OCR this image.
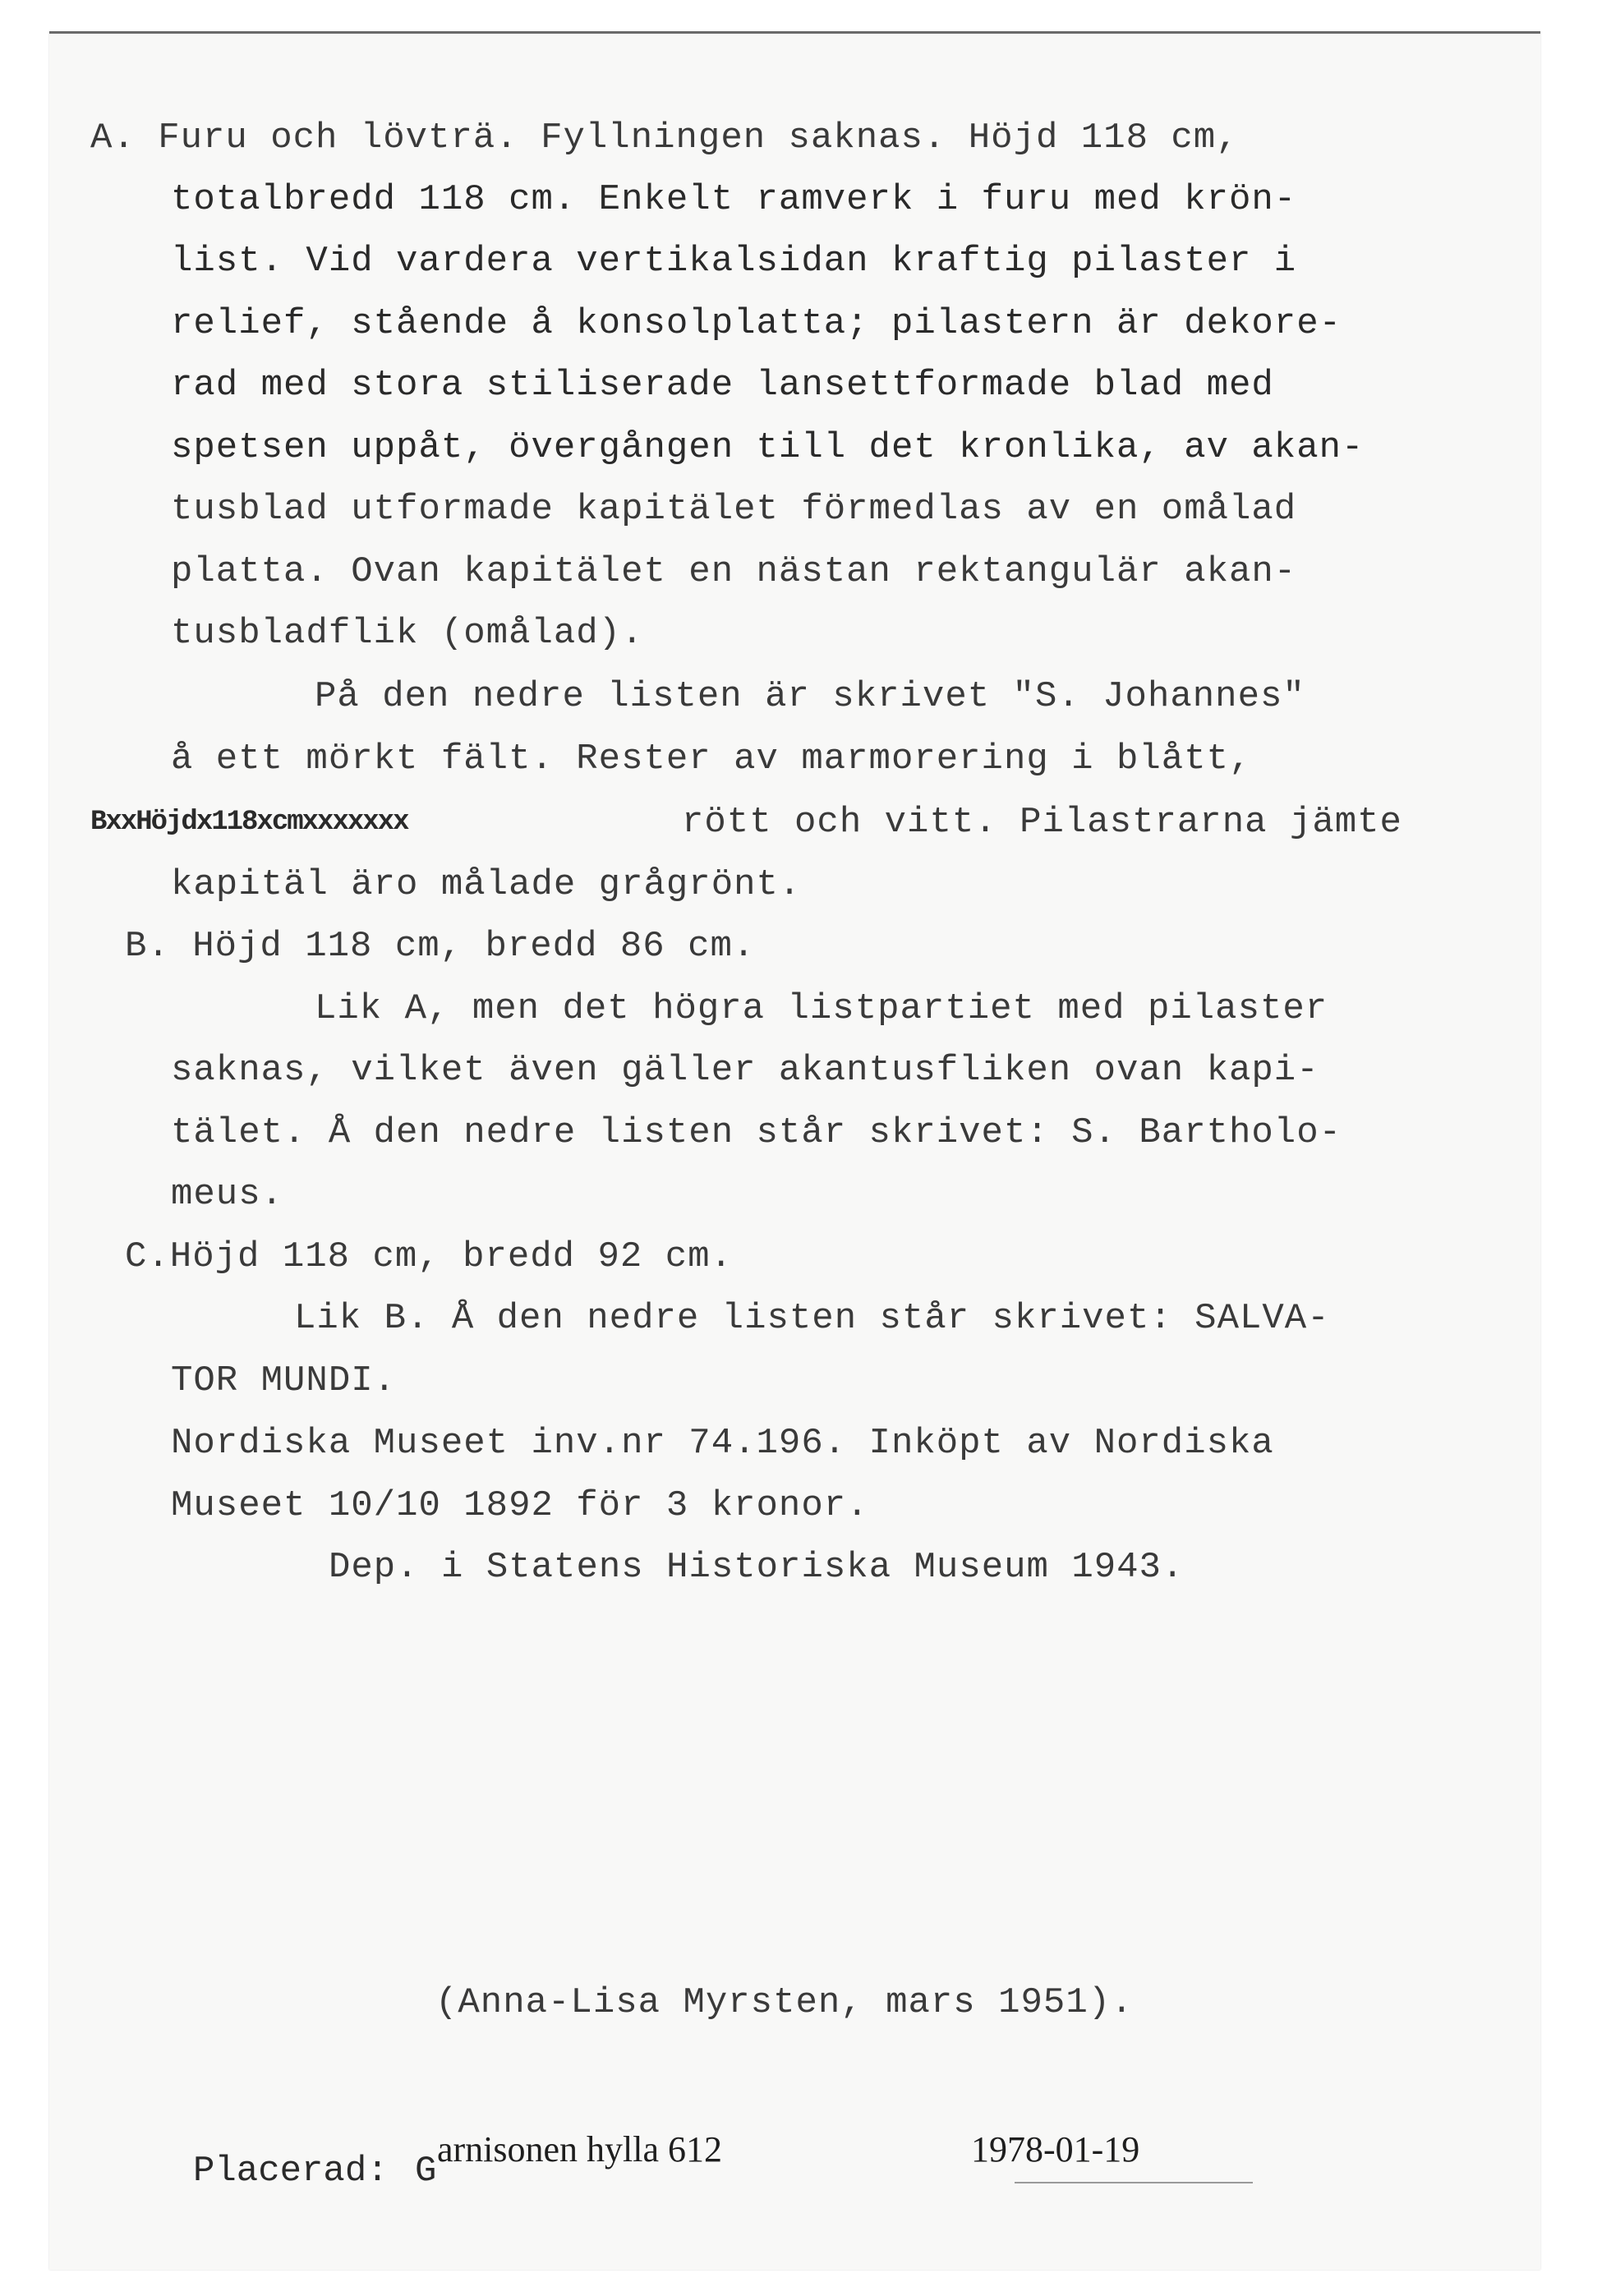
A. Furu och lövträ. Fyllningen saknas. Höjd 118 cm,
totalbredd 118 cm. Enkelt ramverk i furu med krön-
list. Vid vardera vertikalsidan kraftig pilaster i
relief, stående å konsolplatta; pilastern är dekore-
rad med stora stiliserade lansettformade blad med
spetsen uppåt, övergången till det kronlika, av akan-
tusblad utformade kapitälet förmedlas av en omålad
platta. Ovan kapitälet en nästan rektangulär akan-
tusbladflik (omålad).
På den nedre listen är skrivet "S. Johannes"
å ett mörkt fält. Rester av marmorering i blått,
BxxHöjdx118xcmxxxxxxx	rött och vitt. Pilastrarna jämte
kapitäl äro målade grågrönt.
B. Höjd 118 cm, bredd 86 cm.
Lik A, men det högra listpartiet med pilaster
saknas, vilket även gäller akantusfliken ovan kapi-
tälet. Å den nedre listen står skrivet: S. Bartholo-
meus.
C.Höjd 118 cm, bredd 92 cm.
Lik B. Å den nedre listen står skrivet: SALVA-
TOR MUNDI.
Nordiska Museet inv.nr 74.196. Inköpt av Nordiska
Museet 10/10 1892 för 3 kronor.
Dep. i Statens Historiska Museum 1943.
(Anna-Lisa Myrsten, mars 1951).
Placerad: G
arnisonen hylla 612	1978-01-19
